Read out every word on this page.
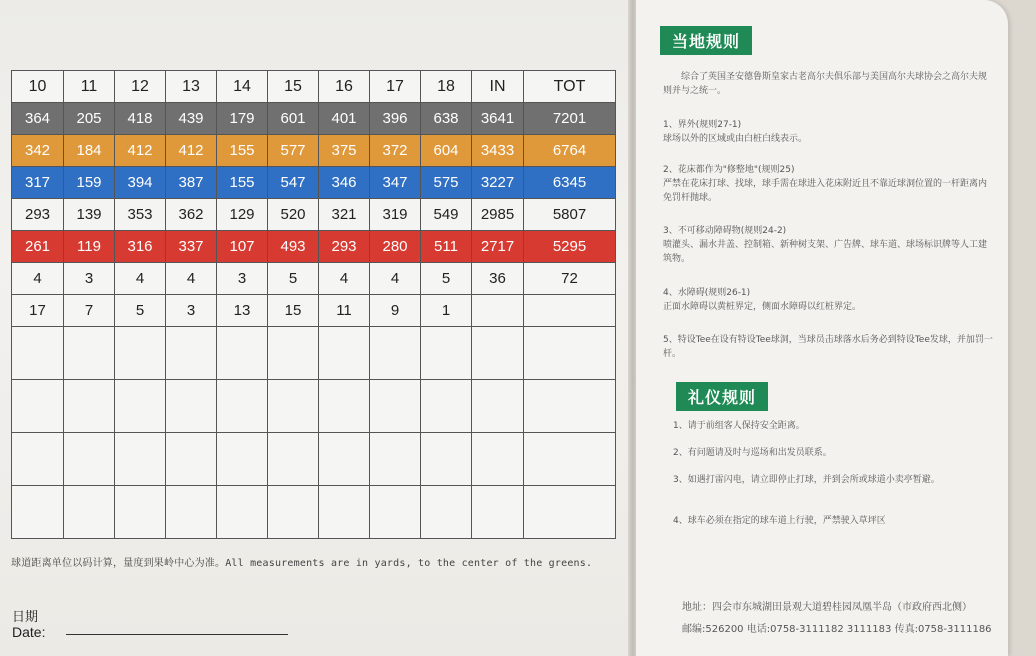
10	11	12	13	14	15	16	17	18	IN	TOT
364	205	418	439	179	601	401	396	638	3641	7201
342	184	412	412	155	577	375	372	604	3433	6764
317	159	394	387	155	547	346	347	575	3227	6345
293	139	353	362	129	520	321	319	549	2985	5807
261	119	316	337	107	493	293	280	511	2717	5295
4	3	4	4	3	5	4	4	5	36	72
17	7	5	3	13	15	11	9	1		

球道距离单位以码计算，量度到果岭中心为准。All measurements are in yards, to the center of the greens.
日期
Date:
当地规则
综合了英国圣安德鲁斯皇家古老高尔夫俱乐部与美国高尔夫球协会之高尔夫规则并与之统一。
1、界外(规则27-1)
球场以外的区域或由白桩白线表示。
2、花床都作为"修整地"(规则25)
严禁在花床打球、找球，球手需在球进入花床附近且不靠近球洞位置的一杆距离内免罚杆抛球。
3、不可移动障碍物(规则24-2)
喷灌头、漏水井盖、控制箱、新种树支架、广告牌、球车道、球场标识牌等人工建筑物。
4、水障碍(规则26-1)
正面水障碍以黄桩界定，侧面水障碍以红桩界定。
5、特设Tee在设有特设Tee球洞，当球员击球落水后务必到特设Tee发球，并加罚一杆。
礼仪规则
1、请于前组客人保持安全距离。
2、有问题请及时与巡场和出发员联系。
3、如遇打雷闪电，请立即停止打球，并到会所或球道小卖亭暂避。
4、球车必须在指定的球车道上行驶，严禁驶入草坪区
地址：四会市东城湖田景观大道碧桂园凤凰半岛（市政府西北侧）
邮编:526200 电话:0758-3111182 3111183 传真:0758-3111186
